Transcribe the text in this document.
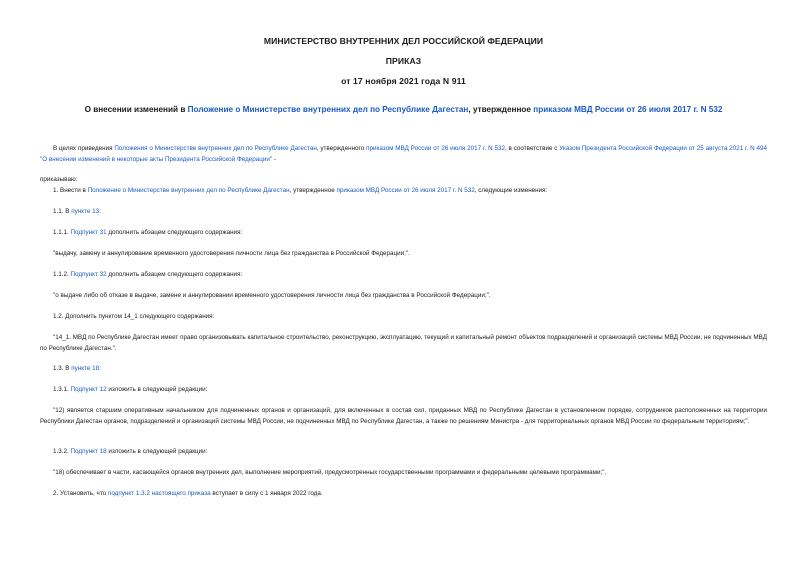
МИНИСТЕРСТВО ВНУТРЕННИХ ДЕЛ РОССИЙСКОЙ ФЕДЕРАЦИИ
ПРИКАЗ
от 17 ноября 2021 года N 911
О внесении изменений в Положение о Министерстве внутренних дел по Республике Дагестан, утвержденное приказом МВД России от 26 июля 2017 г. N 532
В целях приведения Положения о Министерстве внутренних дел по Республике Дагестан, утвержденного приказом МВД России от 26 июля 2017 г. N 532, в соответствие с Указом Президента Российской Федерации от 25 августа 2021 г. N 494 "О внесении изменений в некоторые акты Президента Российской Федерации" -
приказываю:
1. Внести в Положение о Министерстве внутренних дел по Республике Дагестан, утвержденное приказом МВД России от 26 июля 2017 г. N 532, следующие изменения:
1.1. В пункте 13:
1.1.1. Подпункт 31 дополнить абзацем следующего содержания:
"выдачу, замену и аннулирование временного удостоверения личности лица без гражданства в Российской Федерации;".
1.1.2. Подпункт 32 дополнить абзацем следующего содержания:
"о выдаче либо об отказе в выдаче, замене и аннулировании временного удостоверения личности лица без гражданства в Российской Федерации;".
1.2. Дополнить пунктом 14_1 следующего содержания:
"14_1. МВД по Республике Дагестан имеет право организовывать капитальное строительство, реконструкцию, эксплуатацию, текущий и капитальный ремонт объектов подразделений и организаций системы МВД России, не подчиненных МВД по Республике Дагестан.".
1.3. В пункте 18:
1.3.1. Подпункт 12 изложить в следующей редакции:
"12) является старшим оперативным начальником для подчиненных органов и организаций, для включенных в состав сил, приданных МВД по Республике Дагестан в установленном порядке, сотрудников расположенных на территории Республики Дагестан органов, подразделений и организаций системы МВД России, не подчиненных МВД по Республике Дагестан, а также по решениям Министра - для территориальных органов МВД России по федеральным территориям;".
1.3.2. Подпункт 18 изложить в следующей редакции:
"18) обеспечивает в части, касающейся органов внутренних дел, выполнение мероприятий, предусмотренных государственными программами и федеральными целевыми программами;".
2. Установить, что подпункт 1.3.2 настоящего приказа вступает в силу с 1 января 2022 года.
